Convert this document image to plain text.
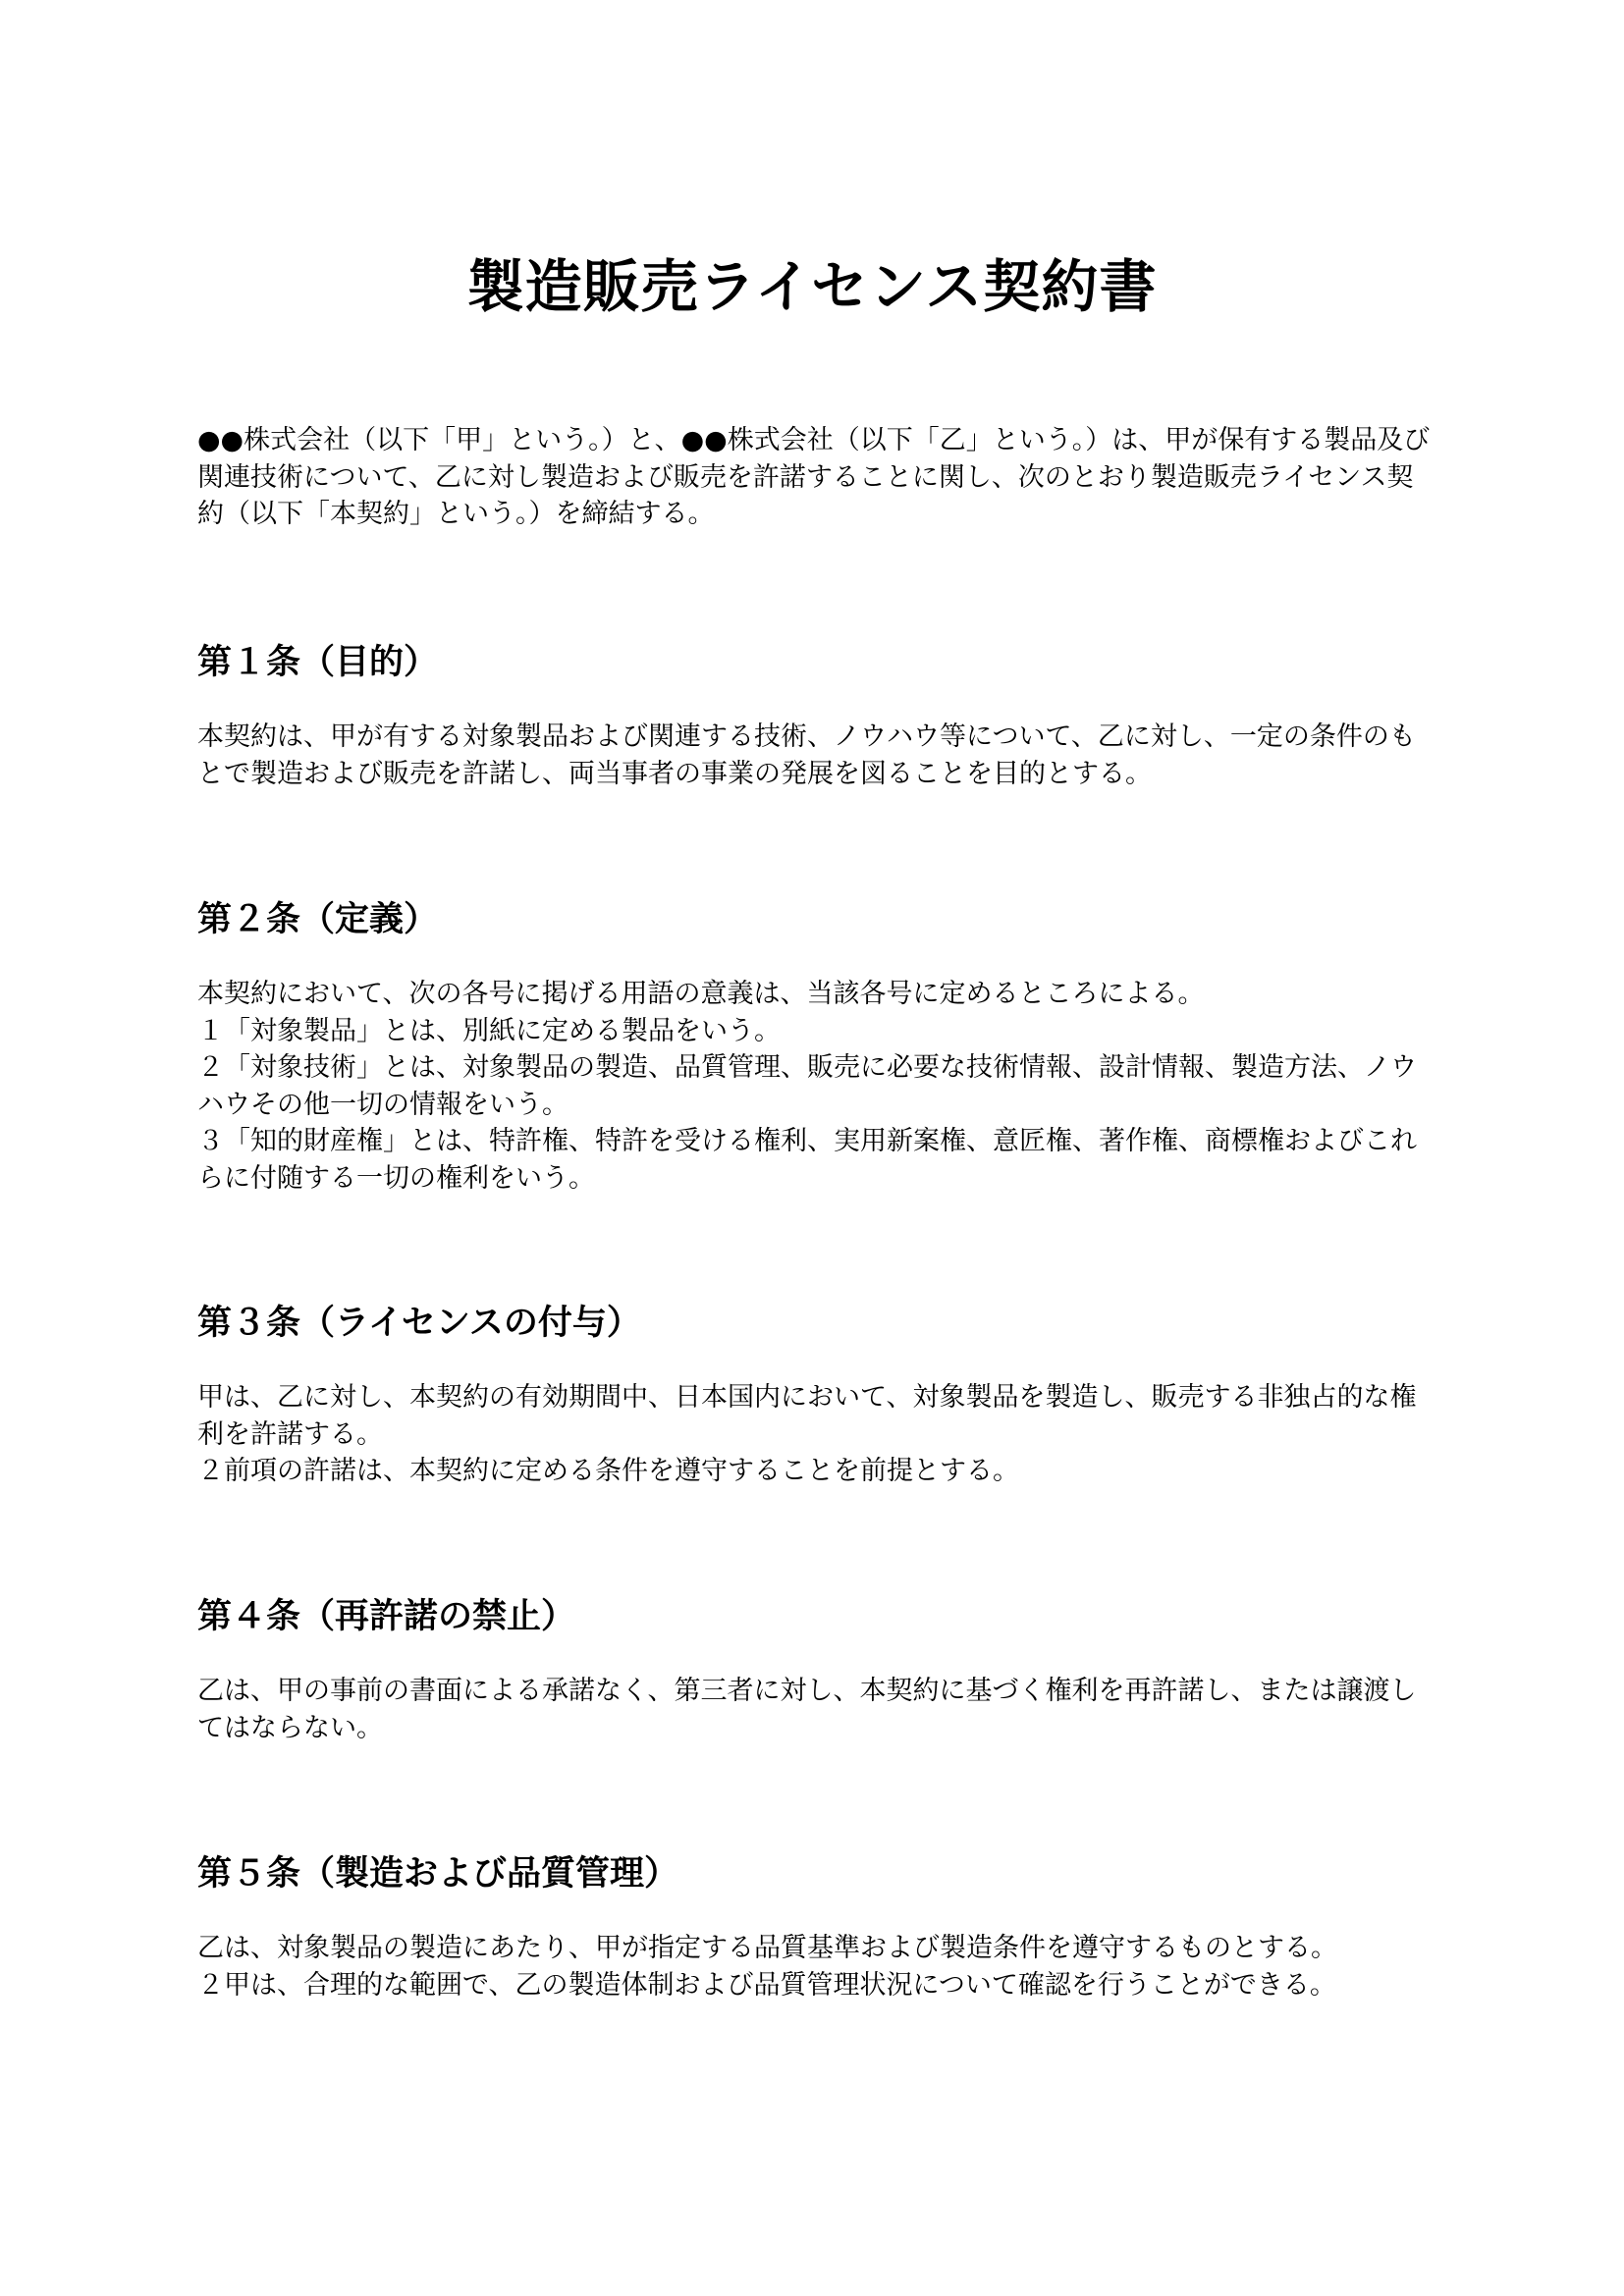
製造販売ライセンス契約書

●●株式会社（以下「甲」という。）と、●●株式会社（以下「乙」という。）は、甲が保有する製品及び関連技術について、乙に対し製造および販売を許諾することに関し、次のとおり製造販売ライセンス契約（以下「本契約」という。）を締結する。

第１条（目的）

本契約は、甲が有する対象製品および関連する技術、ノウハウ等について、乙に対し、一定の条件のもとで製造および販売を許諾し、両当事者の事業の発展を図ることを目的とする。

第２条（定義）

本契約において、次の各号に掲げる用語の意義は、当該各号に定めるところによる。

１「対象製品」とは、別紙に定める製品をいう。

２「対象技術」とは、対象製品の製造、品質管理、販売に必要な技術情報、設計情報、製造方法、ノウハウその他一切の情報をいう。

３「知的財産権」とは、特許権、特許を受ける権利、実用新案権、意匠権、著作権、商標権およびこれらに付随する一切の権利をいう。

第３条（ライセンスの付与）

甲は、乙に対し、本契約の有効期間中、日本国内において、対象製品を製造し、販売する非独占的な権利を許諾する。

２前項の許諾は、本契約に定める条件を遵守することを前提とする。

第４条（再許諾の禁止）

乙は、甲の事前の書面による承諾なく、第三者に対し、本契約に基づく権利を再許諾し、または譲渡してはならない。

第５条（製造および品質管理）

乙は、対象製品の製造にあたり、甲が指定する品質基準および製造条件を遵守するものとする。

２甲は、合理的な範囲で、乙の製造体制および品質管理状況について確認を行うことができる。
